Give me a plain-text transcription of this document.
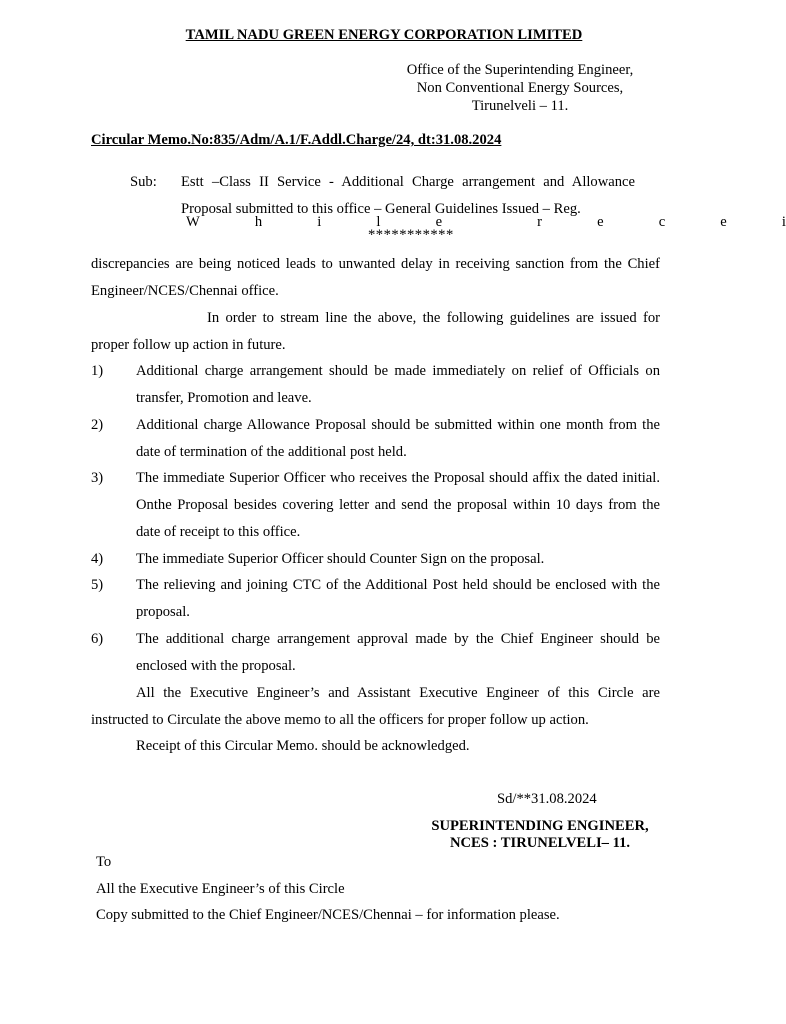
TAMIL NADU GREEN ENERGY CORPORATION LIMITED
Office of the Superintending Engineer,
Non Conventional Energy Sources,
Tirunelveli – 11.
Circular Memo.No:835/Adm/A.1/F.Addl.Charge/24, dt:31.08.2024
Sub: Estt –Class II Service - Additional Charge arrangement and Allowance
Proposal submitted to this office – General Guidelines Issued – Reg.
W	h	i	l	e	r	e	c	e	i
***********
discrepancies are being noticed leads to unwanted delay in receiving sanction from the Chief Engineer/NCES/Chennai office.
In order to stream line the above, the following guidelines are issued for proper follow up action in future.
1) Additional charge arrangement should be made immediately on relief of Officials on transfer, Promotion and leave.
2) Additional charge Allowance Proposal should be submitted within one month from the date of termination of the additional post held.
3) The immediate Superior Officer who receives the Proposal should affix the dated initial. Onthe Proposal besides covering letter and send the proposal within 10 days from the date of receipt to this office.
4) The immediate Superior Officer should Counter Sign on the proposal.
5) The relieving and joining CTC of the Additional Post held should be enclosed with the proposal.
6) The additional charge arrangement approval made by the Chief Engineer should be enclosed with the proposal.
All the Executive Engineer’s and Assistant Executive Engineer of this Circle are instructed to Circulate the above memo to all the officers for proper follow up action.
Receipt of this Circular Memo. should be acknowledged.
Sd/**31.08.2024
SUPERINTENDING ENGINEER,
NCES : TIRUNELVELI– 11.
To
All the Executive Engineer’s of this Circle
Copy submitted to the Chief Engineer/NCES/Chennai – for information please.
